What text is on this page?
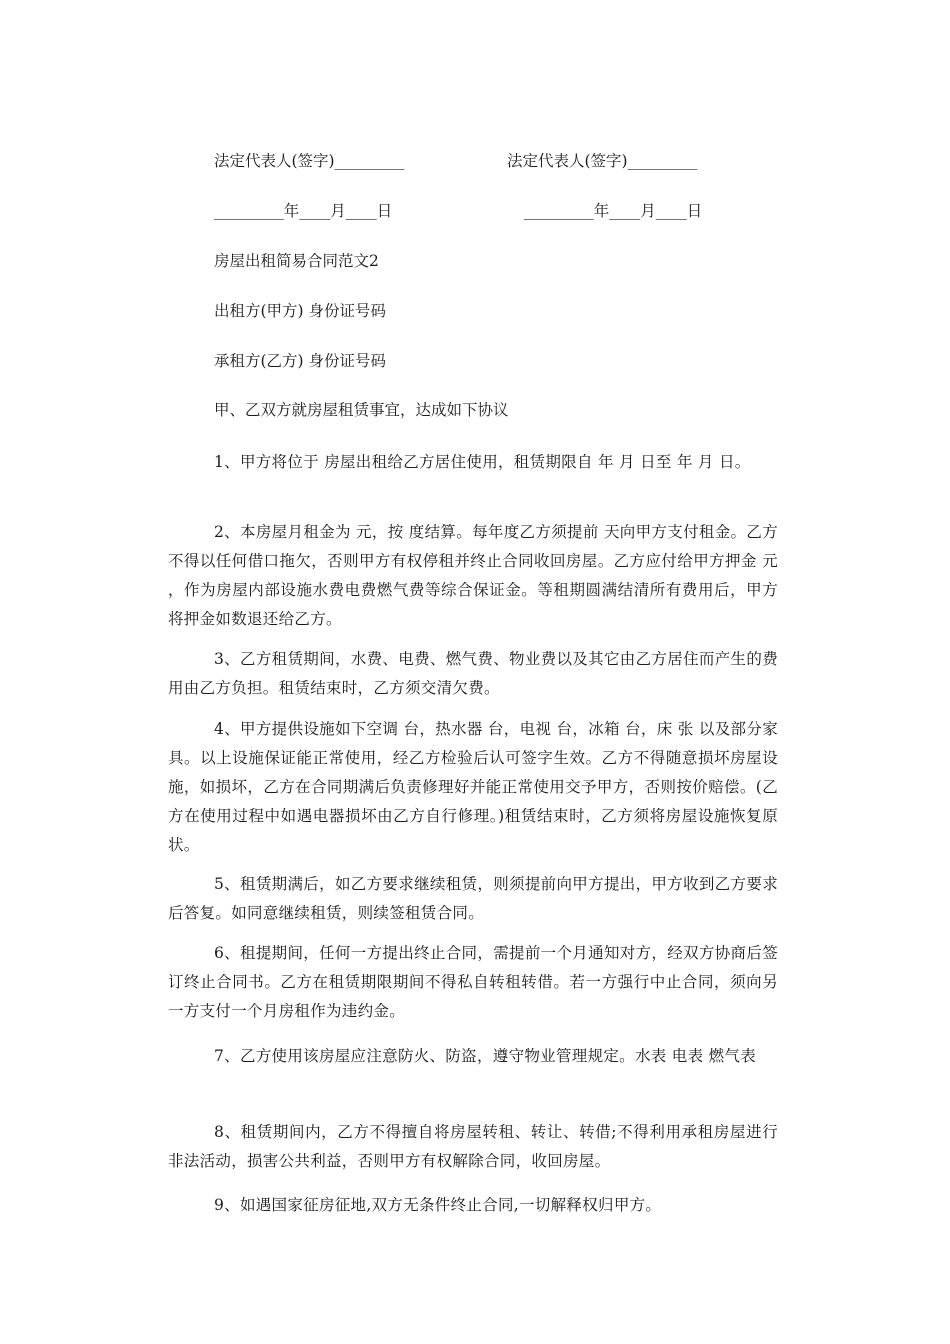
法定代表人(签字)_________	法定代表人(签字)_________
_________年____月____日	_________年____月____日
房屋出租简易合同范文2
出租方(甲方) 身份证号码
承租方(乙方) 身份证号码
甲、乙双方就房屋租赁事宜，达成如下协议
1、甲方将位于 房屋出租给乙方居住使用，租赁期限自 年 月 日至 年 月 日。
2、本房屋月租金为 元，按 度结算。每年度乙方须提前 天向甲方支付租金。乙方不得以任何借口拖欠，否则甲方有权停租并终止合同收回房屋。乙方应付给甲方押金 元 ，作为房屋内部设施水费电费燃气费等综合保证金。等租期圆满结清所有费用后，甲方将押金如数退还给乙方。
3、乙方租赁期间，水费、电费、燃气费、物业费以及其它由乙方居住而产生的费用由乙方负担。租赁结束时，乙方须交清欠费。
4、甲方提供设施如下空调 台，热水器 台，电视 台，冰箱 台，床 张 以及部分家具。以上设施保证能正常使用，经乙方检验后认可签字生效。乙方不得随意损坏房屋设施，如损坏，乙方在合同期满后负责修理好并能正常使用交予甲方，否则按价赔偿。(乙方在使用过程中如遇电器损坏由乙方自行修理。)租赁结束时，乙方须将房屋设施恢复原状。
5、租赁期满后，如乙方要求继续租赁，则须提前向甲方提出，甲方收到乙方要求后答复。如同意继续租赁，则续签租赁合同。
6、租提期间，任何一方提出终止合同，需提前一个月通知对方，经双方协商后签订终止合同书。乙方在租赁期限期间不得私自转租转借。若一方强行中止合同，须向另一方支付一个月房租作为违约金。
7、乙方使用该房屋应注意防火、防盗，遵守物业管理规定。水表 电表 燃气表
8、租赁期间内，乙方不得擅自将房屋转租、转让、转借;不得利用承租房屋进行非法活动，损害公共利益，否则甲方有权解除合同，收回房屋。
9、如遇国家征房征地,双方无条件终止合同,一切解释权归甲方。
